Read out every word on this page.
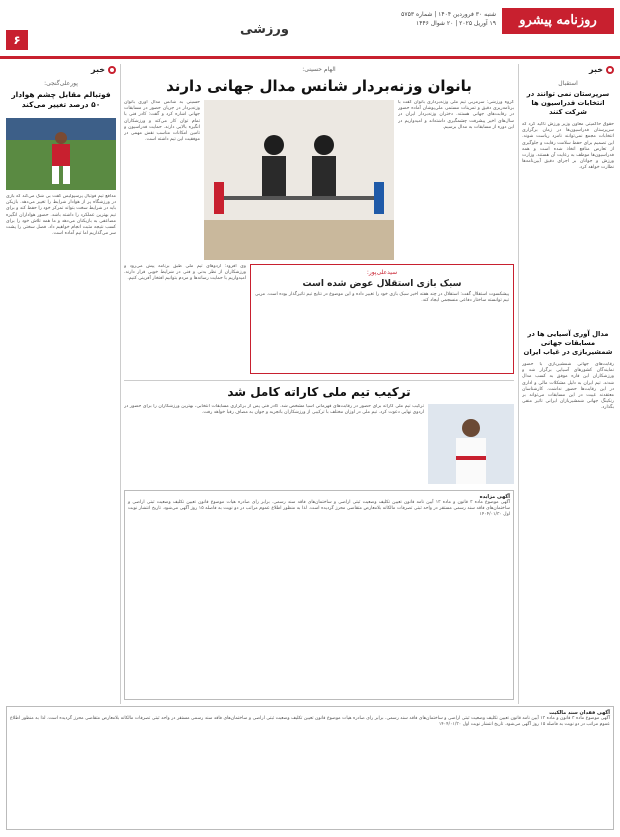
۶
ورزشی
شنبه ۳۰ فروردین ۱۴۰۴ | شماره ۵۷۵۳
۱۹ آوریل ۲۰۲۵ | ۲۰ شوال ۱۴۴۶	روزنامه پیشرو
خبر
پورعلی‌گنجی:
فوتبالم مقابل چشم هوادار ۵۰ درصد تغییر می‌کند
مدافع تیم فوتبال پرسپولیس گفت بی شک می‌کند که بازی در ورزشگاه پر از هوادار شرایط را تغییر می‌دهد. بازیکن باید در شرایط سخت بتواند تمرکز خود را حفظ کند و برای تیم بهترین عملکرد را داشته باشد. حضور هواداران انگیزه مضاعفی به بازیکنان می‌دهد و ما همه تلاش خود را برای کسب نتیجه مثبت انجام خواهیم داد. فصل سختی را پشت سر می‌گذاریم اما تیم آماده است.
الهام حسینی:
بانوان وزنه‌بردار شانس مدال جهانی دارند
حسینی به شانس مدال آوری بانوان وزنه‌بردار در جریان حضور در مسابقات جهانی اشاره کرد و گفت: کادر فنی با تمام توان کار می‌کند و ورزشکاران انگیزه بالایی دارند. حمایت فدراسیون و تامین امکانات مناسب نقش مهمی در موفقیت این تیم داشته است.
گروه ورزشی: سرمربی تیم ملی وزنه‌برداری بانوان گفت با برنامه‌ریزی دقیق و تمرینات مستمر، ملی‌پوشان آماده حضور در رقابت‌های جهانی هستند. دختران وزنه‌بردار ایران در سال‌های اخیر پیشرفت چشمگیری داشته‌اند و امیدواریم در این دوره از مسابقات به مدال برسیم.
وی افزود: اردوهای تیم ملی طبق برنامه پیش می‌رود و ورزشکاران از نظر بدنی و فنی در شرایط خوبی قرار دارند. امیدواریم با حمایت رسانه‌ها و مردم بتوانیم افتخار آفرینی کنیم.
سیدعلی‌پور:
سبک بازی استقلال عوض شده است
پیشکسوت استقلال گفت: استقلال در چند هفته اخیر سبک بازی خود را تغییر داده و این موضوع در نتایج تیم تاثیرگذار بوده است. مربی تیم توانسته ساختار دفاعی منسجمی ایجاد کند.
ترکیب تیم ملی کاراته کامل شد
ترکیب تیم ملی کاراته برای حضور در رقابت‌های قهرمانی آسیا مشخص شد. کادر فنی پس از برگزاری مسابقات انتخابی، بهترین ورزشکاران را برای حضور در اردوی نهایی دعوت کرد. تیم ملی در اوزان مختلف با ترکیبی از ورزشکاران باتجربه و جوان به مصاف رقبا خواهد رفت.
خبر
استقبال
سرپرستان نمی توانند در انتخابات فدراسیون ها شرکت کنند
حقوق حاکمیتی معاون وزیر ورزش تاکید کرد که سرپرستان فدراسیون‌ها در زمان برگزاری انتخابات مجمع نمی‌توانند نامزد ریاست شوند. این تصمیم برای حفظ سلامت رقابت و جلوگیری از تعارض منافع اتخاذ شده است و همه فدراسیون‌ها موظف به رعایت آن هستند. وزارت ورزش و جوانان بر اجرای دقیق آیین‌نامه‌ها نظارت خواهد کرد.
مدال آوری آسیایی ها در مسابقات جهانی شمشیربازی در غیاب ایران
رقابت‌های جهانی شمشیربازی با حضور نمایندگان کشورهای آسیایی برگزار شد و ورزشکاران این قاره موفق به کسب مدال شدند. تیم ایران به دلیل مشکلات مالی و اداری در این رقابت‌ها حضور نداشت. کارشناسان معتقدند غیبت در این مسابقات می‌تواند بر رنکینگ جهانی شمشیربازان ایرانی تاثیر منفی بگذارد.
آگهی مزایده
آگهی موضوع ماده ۳ قانون و ماده ۱۳ آیین نامه قانون تعیین تکلیف وضعیت ثبتی اراضی و ساختمان‌های فاقد سند رسمی. برابر رای صادره هیات موضوع قانون تعیین تکلیف وضعیت ثبتی اراضی و ساختمان‌های فاقد سند رسمی مستقر در واحد ثبتی تصرفات مالکانه بلامعارض متقاضی محرز گردیده است. لذا به منظور اطلاع عموم مراتب در دو نوبت به فاصله ۱۵ روز آگهی می‌شود. تاریخ انتشار نوبت اول ۱۴۰۴/۰۱/۳۰
آگهی فقدان سند مالکیت
آگهی موضوع ماده ۳ قانون و ماده ۱۳ آیین نامه قانون تعیین تکلیف وضعیت ثبتی اراضی و ساختمان‌های فاقد سند رسمی. برابر رای صادره هیات موضوع قانون تعیین تکلیف وضعیت ثبتی اراضی و ساختمان‌های فاقد سند رسمی مستقر در واحد ثبتی تصرفات مالکانه بلامعارض متقاضی محرز گردیده است. لذا به منظور اطلاع عموم مراتب در دو نوبت به فاصله ۱۵ روز آگهی می‌شود. تاریخ انتشار نوبت اول ۱۴۰۴/۰۱/۳۰
